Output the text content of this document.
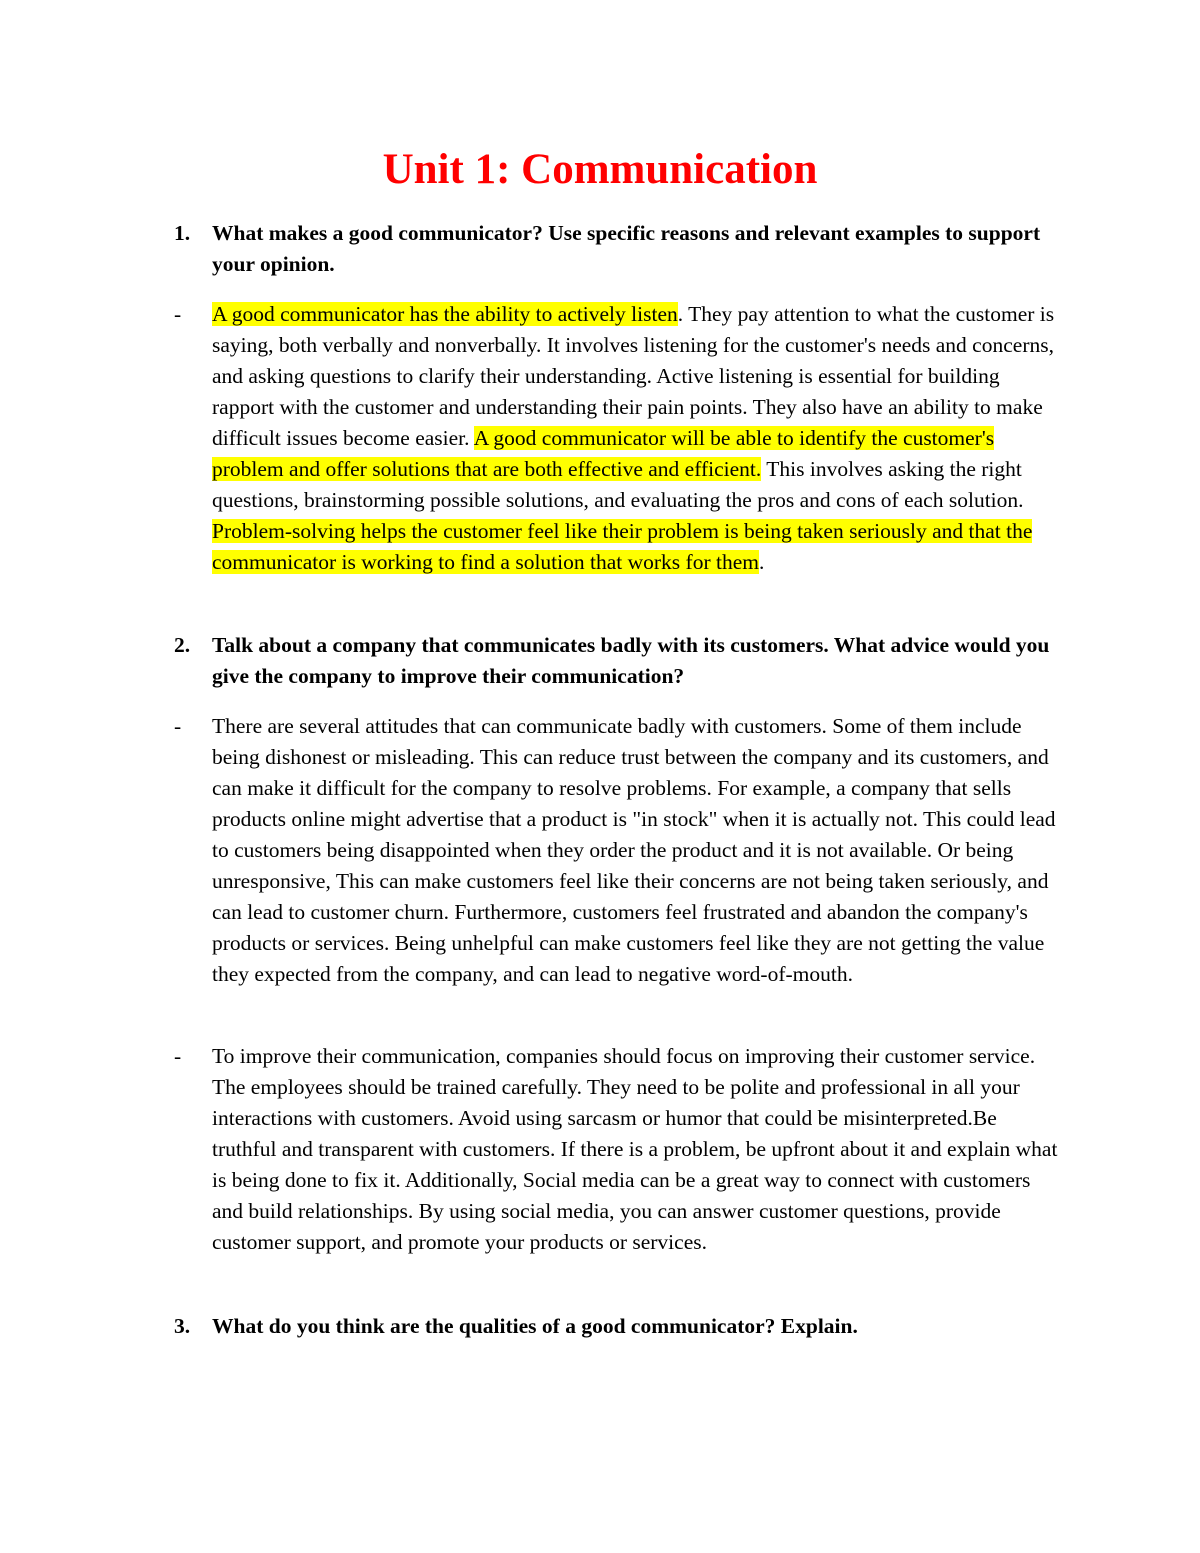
Unit 1: Communication
1. What makes a good communicator? Use specific reasons and relevant examples to support your opinion.
- A good communicator has the ability to actively listen. They pay attention to what the customer is saying, both verbally and nonverbally. It involves listening for the customer's needs and concerns, and asking questions to clarify their understanding. Active listening is essential for building rapport with the customer and understanding their pain points. They also have an ability to make difficult issues become easier. A good communicator will be able to identify the customer's problem and offer solutions that are both effective and efficient. This involves asking the right questions, brainstorming possible solutions, and evaluating the pros and cons of each solution. Problem-solving helps the customer feel like their problem is being taken seriously and that the communicator is working to find a solution that works for them.
2. Talk about a company that communicates badly with its customers. What advice would you give the company to improve their communication?
- There are several attitudes that can communicate badly with customers. Some of them include being dishonest or misleading. This can reduce trust between the company and its customers, and can make it difficult for the company to resolve problems. For example, a company that sells products online might advertise that a product is "in stock" when it is actually not. This could lead to customers being disappointed when they order the product and it is not available. Or being unresponsive, This can make customers feel like their concerns are not being taken seriously, and can lead to customer churn. Furthermore, customers feel frustrated and abandon the company's products or services. Being unhelpful can make customers feel like they are not getting the value they expected from the company, and can lead to negative word-of-mouth.
- To improve their communication, companies should focus on improving their customer service. The employees should be trained carefully. They need to be polite and professional in all your interactions with customers. Avoid using sarcasm or humor that could be misinterpreted.Be truthful and transparent with customers. If there is a problem, be upfront about it and explain what is being done to fix it. Additionally, Social media can be a great way to connect with customers and build relationships. By using social media, you can answer customer questions, provide customer support, and promote your products or services.
3. What do you think are the qualities of a good communicator? Explain.
